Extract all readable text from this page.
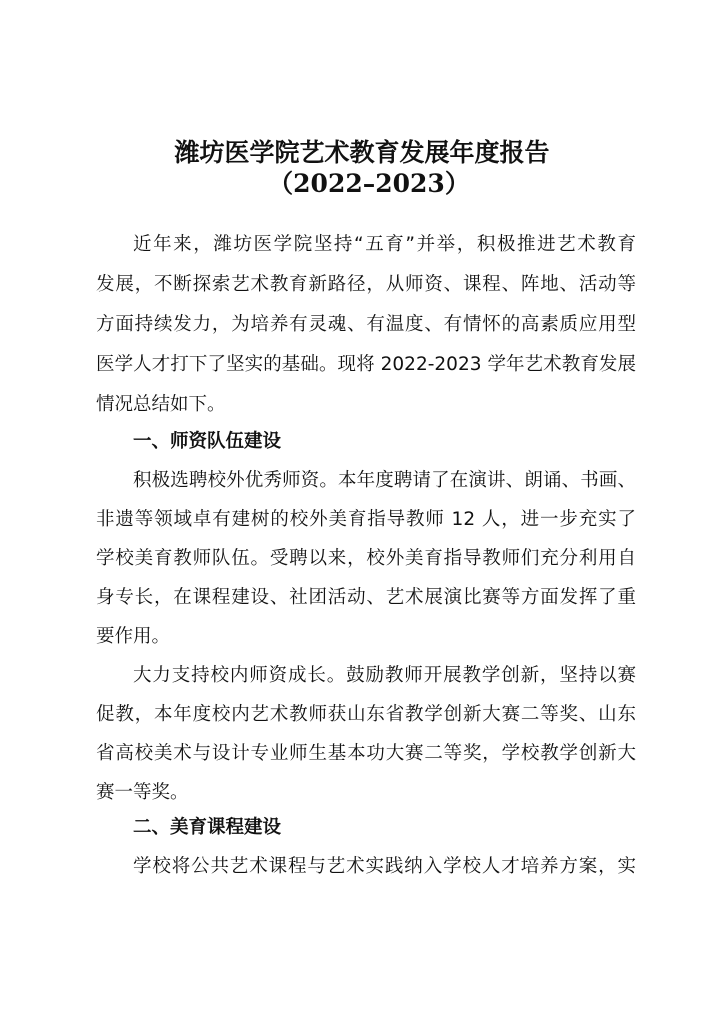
潍坊医学院艺术教育发展年度报告
（2022–2023）
近年来，潍坊医学院坚持“五育”并举，积极推进艺术教育
发展，不断探索艺术教育新路径，从师资、课程、阵地、活动等
方面持续发力，为培养有灵魂、有温度、有情怀的高素质应用型
医学人才打下了坚实的基础。现将 2022-2023 学年艺术教育发展
情况总结如下。
一、师资队伍建设
积极选聘校外优秀师资。本年度聘请了在演讲、朗诵、书画、
非遗等领域卓有建树的校外美育指导教师 12 人，进一步充实了
学校美育教师队伍。受聘以来，校外美育指导教师们充分利用自
身专长，在课程建设、社团活动、艺术展演比赛等方面发挥了重
要作用。
大力支持校内师资成长。鼓励教师开展教学创新，坚持以赛
促教，本年度校内艺术教师获山东省教学创新大赛二等奖、山东
省高校美术与设计专业师生基本功大赛二等奖，学校教学创新大
赛一等奖。
二、美育课程建设
学校将公共艺术课程与艺术实践纳入学校人才培养方案，实
